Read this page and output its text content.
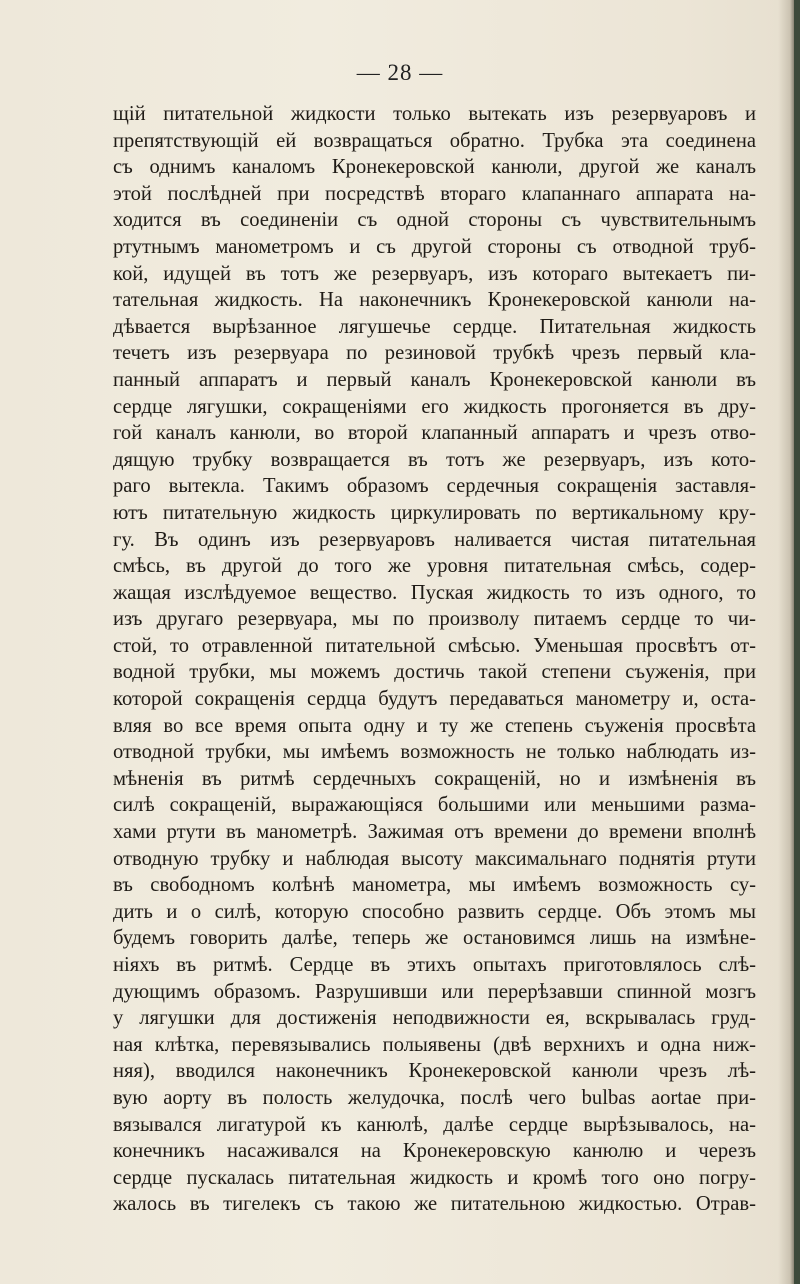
— 28 —
щій питательной жидкости только вытекать изъ резервуаровъ и
препятствующій ей возвращаться обратно. Трубка эта соединена
съ однимъ каналомъ Кронекеровской канюли, другой же каналъ
этой послѣдней при посредствѣ втораго клапаннаго аппарата на-
ходится въ соединеніи съ одной стороны съ чувствительнымъ
ртутнымъ манометромъ и съ другой стороны съ отводной труб-
кой, идущей въ тотъ же резервуаръ, изъ котораго вытекаетъ пи-
тательная жидкость. На наконечникъ Кронекеровской канюли на-
дѣвается вырѣзанное лягушечье сердце. Питательная жидкость
течетъ изъ резервуара по резиновой трубкѣ чрезъ первый кла-
панный аппаратъ и первый каналъ Кронекеровской канюли въ
сердце лягушки, сокращеніями его жидкость прогоняется въ дру-
гой каналъ канюли, во второй клапанный аппаратъ и чрезъ отво-
дящую трубку возвращается въ тотъ же резервуаръ, изъ кото-
раго вытекла. Такимъ образомъ сердечныя сокращенія заставля-
ютъ питательную жидкость циркулировать по вертикальному кру-
гу. Въ одинъ изъ резервуаровъ наливается чистая питательная
смѣсь, въ другой до того же уровня питательная смѣсь, содер-
жащая изслѣдуемое вещество. Пуская жидкость то изъ одного, то
изъ другаго резервуара, мы по произволу питаемъ сердце то чи-
стой, то отравленной питательной смѣсью. Уменьшая просвѣтъ от-
водной трубки, мы можемъ достичь такой степени съуженія, при
которой сокращенія сердца будутъ передаваться манометру и, оста-
вляя во все время опыта одну и ту же степень съуженія просвѣта
отводной трубки, мы имѣемъ возможность не только наблюдать из-
мѣненія въ ритмѣ сердечныхъ сокращеній, но и измѣненія въ
силѣ сокращеній, выражающіяся большими или меньшими разма-
хами ртути въ манометрѣ. Зажимая отъ времени до времени вполнѣ
отводную трубку и наблюдая высоту максимальнаго поднятія ртути
въ свободномъ колѣнѣ манометра, мы имѣемъ возможность су-
дить и о силѣ, которую способно развить сердце. Объ этомъ мы
будемъ говорить далѣе, теперь же остановимся лишь на измѣне-
ніяхъ въ ритмѣ. Сердце въ этихъ опытахъ приготовлялось слѣ-
дующимъ образомъ. Разрушивши или перерѣзавши спинной мозгъ
у лягушки для достиженія неподвижности ея, вскрывалась груд-
ная клѣтка, перевязывались полыявены (двѣ верхнихъ и одна ниж-
няя), вводился наконечникъ Кронекеровской канюли чрезъ лѣ-
вую аорту въ полость желудочка, послѣ чего bulbas aortae при-
вязывался лигатурой къ канюлѣ, далѣе сердце вырѣзывалось, на-
конечникъ насаживался на Кронекеровскую канюлю и черезъ
сердце пускалась питательная жидкость и кромѣ того оно погру-
жалось въ тигелекъ съ такою же питательною жидкостью. Отрав-
